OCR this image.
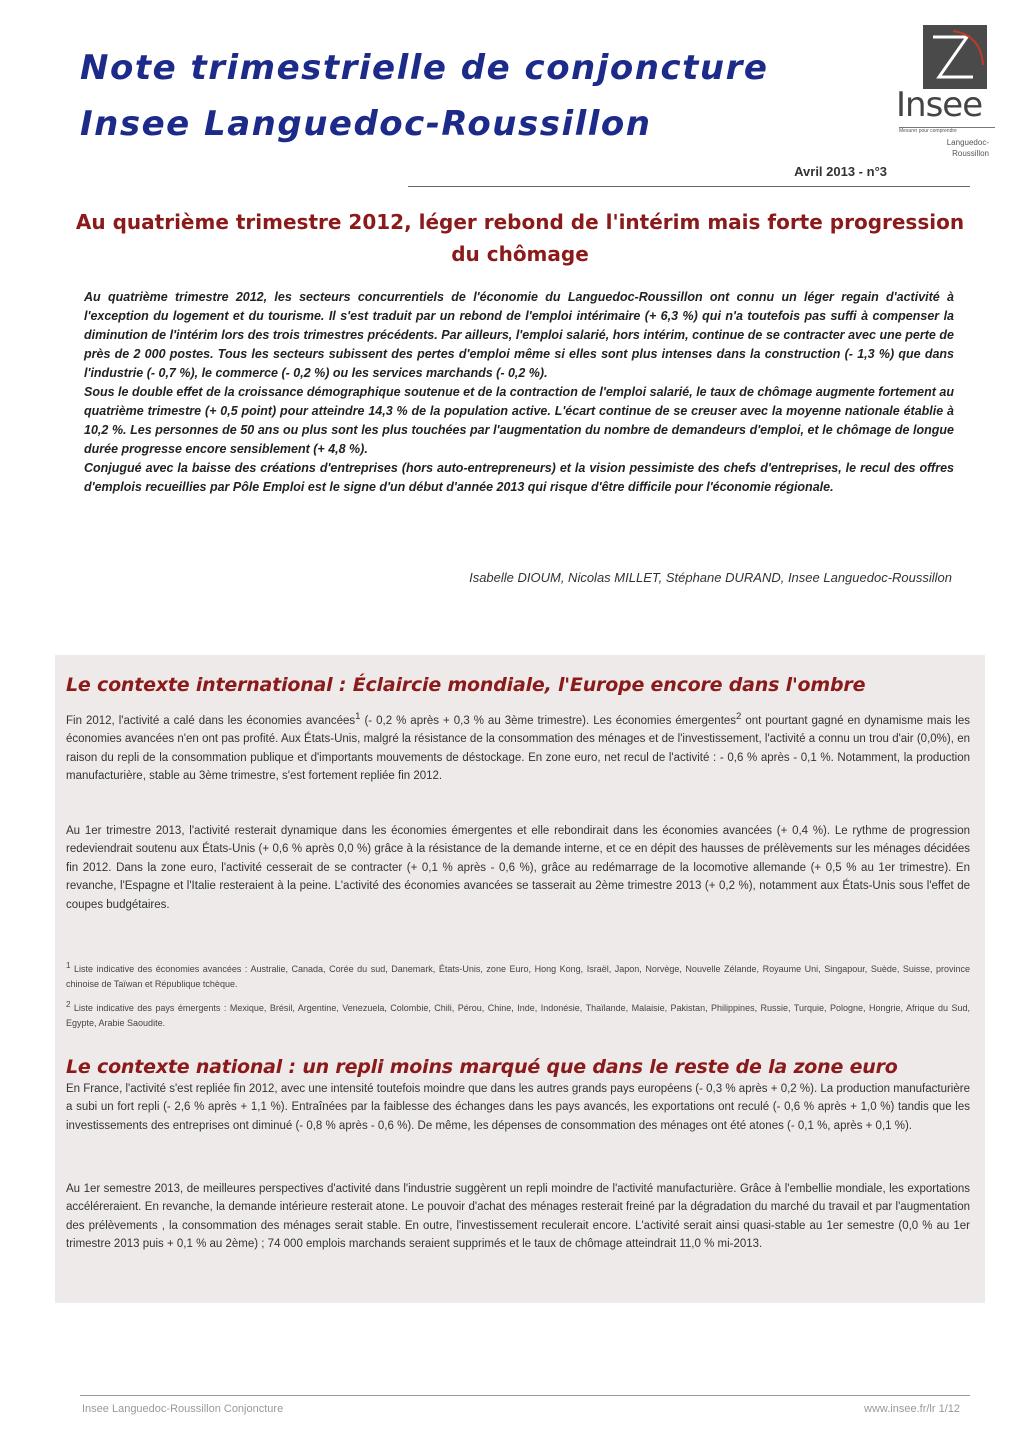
Note trimestrielle de conjoncture
Insee Languedoc-Roussillon	Insee
Mesurer pour comprendre
Languedoc-Roussillon
Avril 2013 - n°3
Au quatrième trimestre 2012, léger rebond de l'intérim mais forte progression du chômage

Au quatrième trimestre 2012, les secteurs concurrentiels de l'économie du Languedoc-Roussillon ont connu un léger regain d'activité à l'exception du logement et du tourisme. Il s'est traduit par un rebond de l'emploi intérimaire (+ 6,3 %) qui n'a toutefois pas suffi à compenser la diminution de l'intérim lors des trois trimestres précédents. Par ailleurs, l'emploi salarié, hors intérim, continue de se contracter avec une perte de près de 2 000 postes. Tous les secteurs subissent des pertes d'emploi même si elles sont plus intenses dans la construction (- 1,3 %) que dans l'industrie (- 0,7 %), le commerce (- 0,2 %) ou les services marchands (- 0,2 %).

Sous le double effet de la croissance démographique soutenue et de la contraction de l'emploi salarié, le taux de chômage augmente fortement au quatrième trimestre (+ 0,5 point) pour atteindre 14,3 % de la population active. L'écart continue de se creuser avec la moyenne nationale établie à 10,2 %. Les personnes de 50 ans ou plus sont les plus touchées par l'augmentation du nombre de demandeurs d'emploi, et le chômage de longue durée progresse encore sensiblement (+ 4,8 %).

Conjugué avec la baisse des créations d'entreprises (hors auto-entrepreneurs) et la vision pessimiste des chefs d'entreprises, le recul des offres d'emplois recueillies par Pôle Emploi est le signe d'un début d'année 2013 qui risque d'être difficile pour l'économie régionale.

Isabelle DIOUM, Nicolas MILLET, Stéphane DURAND, Insee Languedoc-Roussillon
Le contexte international : Éclaircie mondiale, l'Europe encore dans l'ombre

Fin 2012, l'activité a calé dans les économies avancées$^1$ (- 0,2 % après + 0,3 % au 3ème trimestre). Les économies émergentes$^2$ ont pourtant gagné en dynamisme mais les économies avancées n'en ont pas profité. Aux États-Unis, malgré la résistance de la consommation des ménages et de l'investissement, l'activité a connu un trou d'air (0,0%), en raison du repli de la consommation publique et d'importants mouvements de déstockage. En zone euro, net recul de l'activité : - 0,6 % après - 0,1 %. Notamment, la production manufacturière, stable au 3ème trimestre, s'est fortement repliée fin 2012.

Au 1er trimestre 2013, l'activité resterait dynamique dans les économies émergentes et elle rebondirait dans les économies avancées (+ 0,4 %). Le rythme de progression redeviendrait soutenu aux États-Unis (+ 0,6 % après 0,0 %) grâce à la résistance de la demande interne, et ce en dépit des hausses de prélèvements sur les ménages décidées fin 2012. Dans la zone euro, l'activité cesserait de se contracter (+ 0,1 % après - 0,6 %), grâce au redémarrage de la locomotive allemande (+ 0,5 % au 1er trimestre). En revanche, l'Espagne et l'Italie resteraient à la peine. L'activité des économies avancées se tasserait au 2ème trimestre 2013 (+ 0,2 %), notamment aux États-Unis sous l'effet de coupes budgétaires.

$^1$ Liste indicative des économies avancées : Australie, Canada, Corée du sud, Danemark, États-Unis, zone Euro, Hong Kong, Israël, Japon, Norvège, Nouvelle Zélande, Royaume Uni, Singapour, Suède, Suisse, province chinoise de Taïwan et République tchèque.
$^2$ Liste indicative des pays émergents : Mexique, Brésil, Argentine, Venezuela, Colombie, Chili, Pérou, Chine, Inde, Indonésie, Thaïlande, Malaisie, Pakistan, Philippines, Russie, Turquie, Pologne, Hongrie, Afrique du Sud, Egypte, Arabie Saoudite.
Le contexte national : un repli moins marqué que dans le reste de la zone euro

En France, l'activité s'est repliée fin 2012, avec une intensité toutefois moindre que dans les autres grands pays européens (- 0,3 % après + 0,2 %). La production manufacturière a subi un fort repli (- 2,6 % après + 1,1 %). Entraînées par la faiblesse des échanges dans les pays avancés, les exportations ont reculé (- 0,6 % après + 1,0 %) tandis que les investissements des entreprises ont diminué (- 0,8 % après - 0,6 %). De même, les dépenses de consommation des ménages ont été atones (- 0,1 %, après + 0,1 %).

Au 1er semestre 2013, de meilleures perspectives d'activité dans l'industrie suggèrent un repli moindre de l'activité manufacturière. Grâce à l'embellie mondiale, les exportations accéléreraient. En revanche, la demande intérieure resterait atone. Le pouvoir d'achat des ménages resterait freiné par la dégradation du marché du travail et par l'augmentation des prélèvements , la consommation des ménages serait stable. En outre, l'investissement reculerait encore. L'activité serait ainsi quasi-stable au 1er semestre (0,0 % au 1er trimestre 2013 puis + 0,1 % au 2ème) ; 74 000 emplois marchands seraient supprimés et le taux de chômage atteindrait 11,0 % mi-2013.

Insee Languedoc-Roussillon Conjoncture	www.insee.fr/lr 1/12
